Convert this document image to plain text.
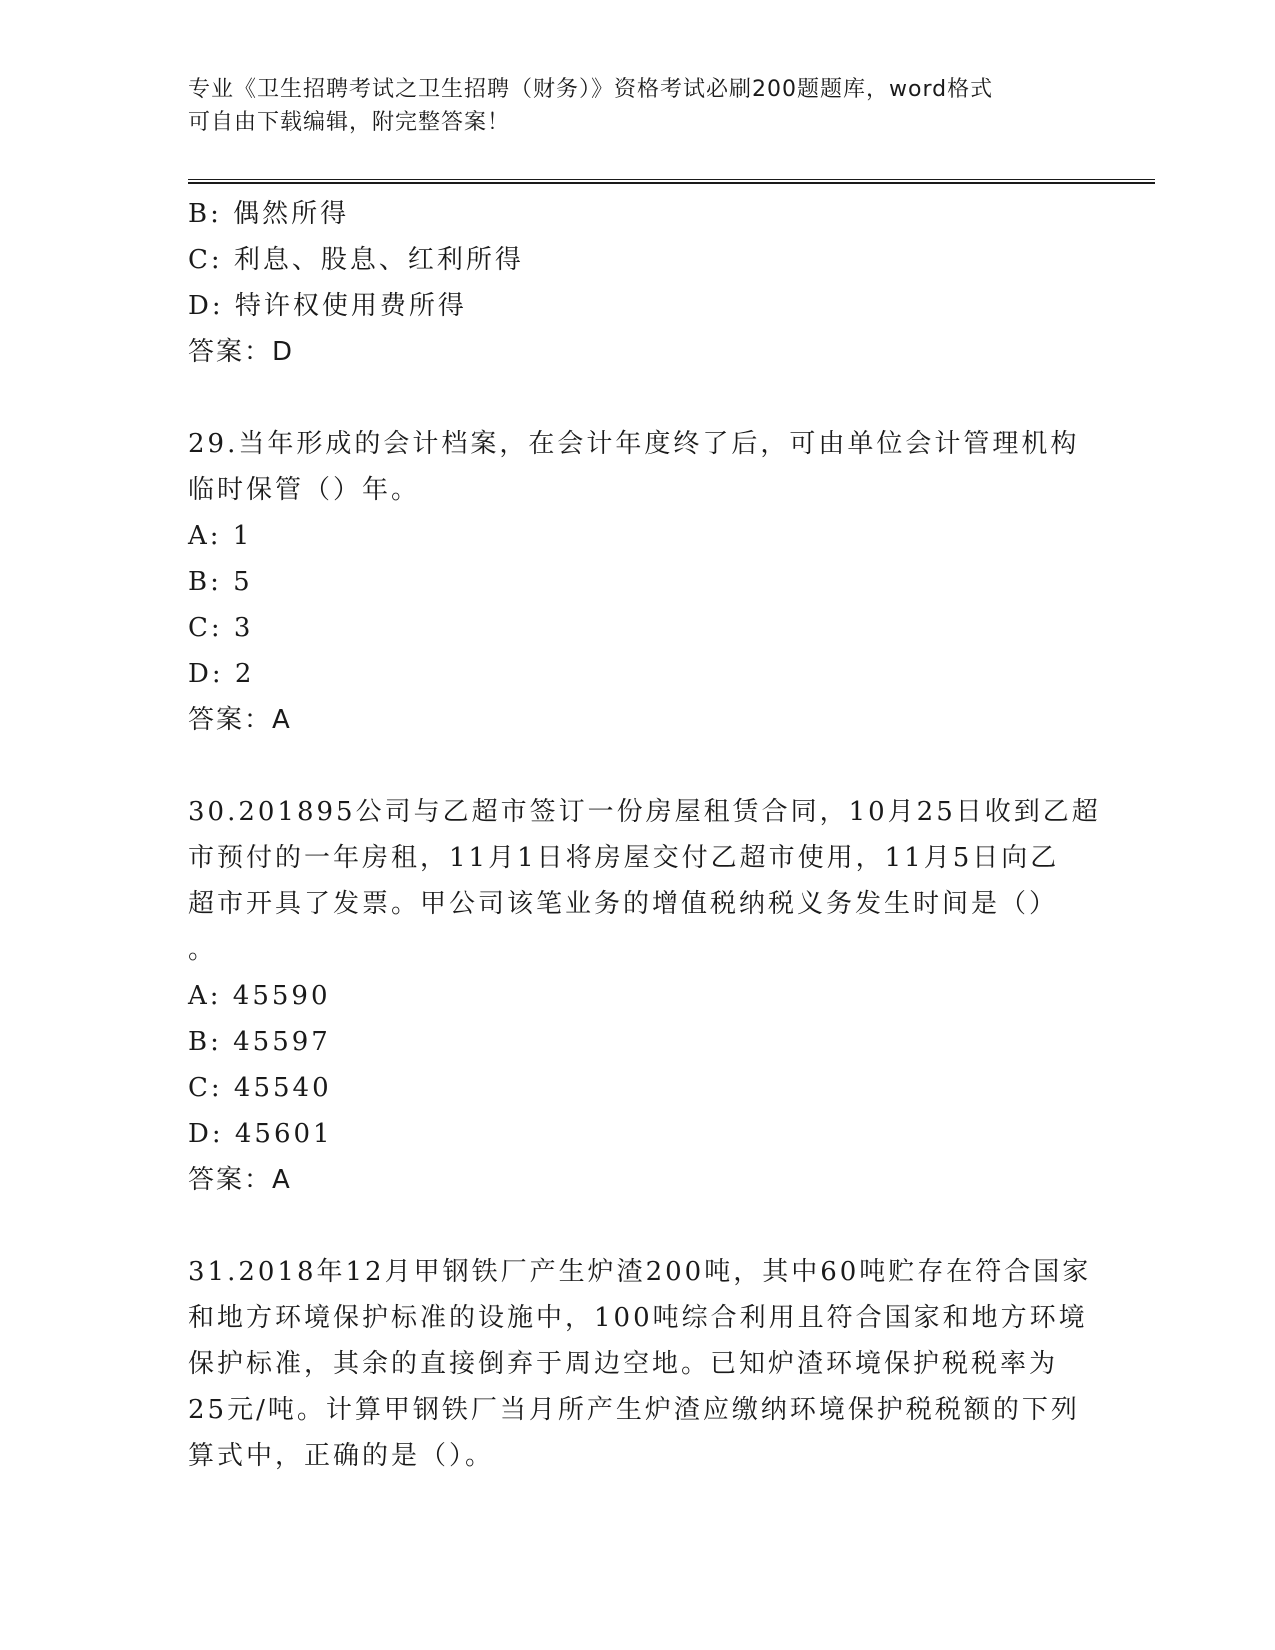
专业《卫生招聘考试之卫生招聘（财务）》资格考试必刷200题题库，word格式
可自由下载编辑，附完整答案！
B: 偶然所得
C: 利息、股息、红利所得
D: 特许权使用费所得
答案：D
29.当年形成的会计档案，在会计年度终了后，可由单位会计管理机构
临时保管（）年。
A: 1
B: 5
C: 3
D: 2
答案：A
30.201895公司与乙超市签订一份房屋租赁合同，10月25日收到乙超
市预付的一年房租，11月1日将房屋交付乙超市使用，11月5日向乙
超市开具了发票。甲公司该笔业务的增值税纳税义务发生时间是（）
。
A: 45590
B: 45597
C: 45540
D: 45601
答案：A
31.2018年12月甲钢铁厂产生炉渣200吨，其中60吨贮存在符合国家
和地方环境保护标准的设施中，100吨综合利用且符合国家和地方环境
保护标准，其余的直接倒弃于周边空地。已知炉渣环境保护税税率为
25元/吨。计算甲钢铁厂当月所产生炉渣应缴纳环境保护税税额的下列
算式中，正确的是（）。
